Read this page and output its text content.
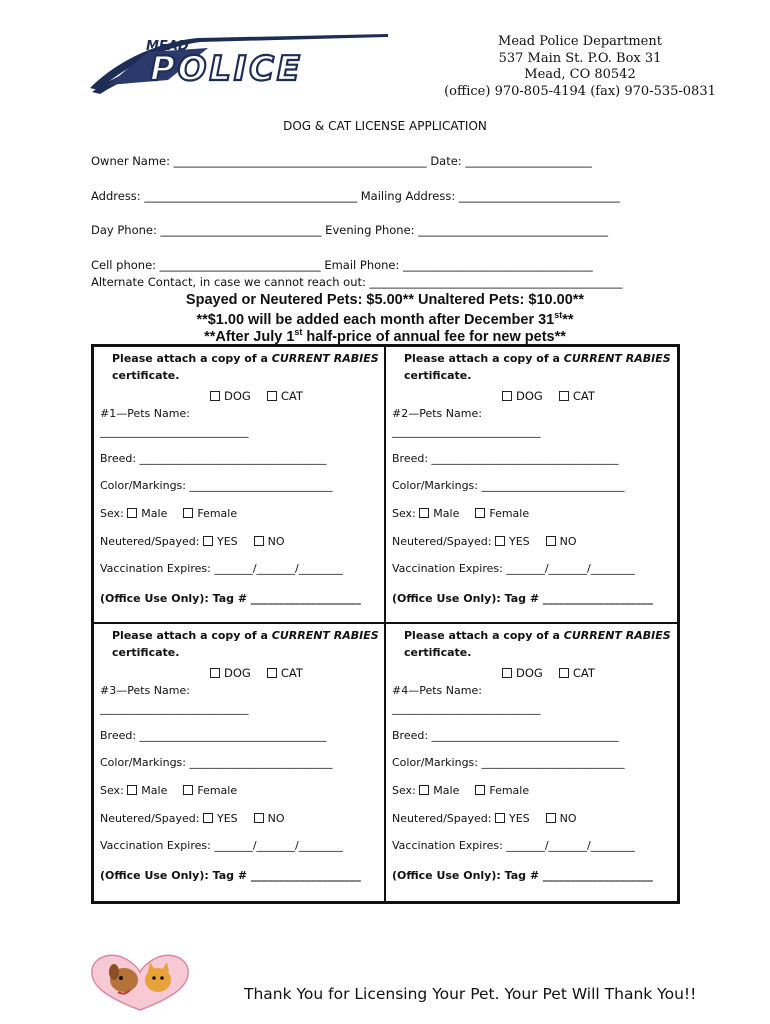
MEAD
POLICE
Mead Police Department
537 Main St. P.O. Box 31
Mead, CO 80542
(office) 970-805-4194 (fax) 970-535-0831
DOG & CAT LICENSE APPLICATION
Owner Name: ____________________________________________ Date: ______________________
Address: _____________________________________ Mailing Address: ____________________________
Day Phone: ____________________________ Evening Phone: _________________________________
Cell phone: ____________________________ Email Phone: _________________________________
Alternate Contact, in case we cannot reach out: ____________________________________________
Spayed or Neutered Pets: $5.00** Unaltered Pets: $10.00**
**$1.00 will be added each month after December 31st**
**After July 1st half-price of annual fee for new pets**
Please attach a copy of a CURRENT RABIES
certificate.
DOG	CAT
#1—Pets Name:
___________________________
Breed: __________________________________
Color/Markings: __________________________
Sex: Male	Female
Neutered/Spayed: YES	NO
Vaccination Expires: _______/_______/________
(Office Use Only): Tag # ____________________
Please attach a copy of a CURRENT RABIES
certificate.
DOG	CAT
#2—Pets Name:
___________________________
Breed: __________________________________
Color/Markings: __________________________
Sex: Male	Female
Neutered/Spayed: YES	NO
Vaccination Expires: _______/_______/________
(Office Use Only): Tag # ____________________
Please attach a copy of a CURRENT RABIES
certificate.
DOG	CAT
#3—Pets Name:
___________________________
Breed: __________________________________
Color/Markings: __________________________
Sex: Male	Female
Neutered/Spayed: YES	NO
Vaccination Expires: _______/_______/________
(Office Use Only): Tag # ____________________
Please attach a copy of a CURRENT RABIES
certificate.
DOG	CAT
#4—Pets Name:
___________________________
Breed: __________________________________
Color/Markings: __________________________
Sex: Male	Female
Neutered/Spayed: YES	NO
Vaccination Expires: _______/_______/________
(Office Use Only): Tag # ____________________
Thank You for Licensing Your Pet. Your Pet Will Thank You!!
